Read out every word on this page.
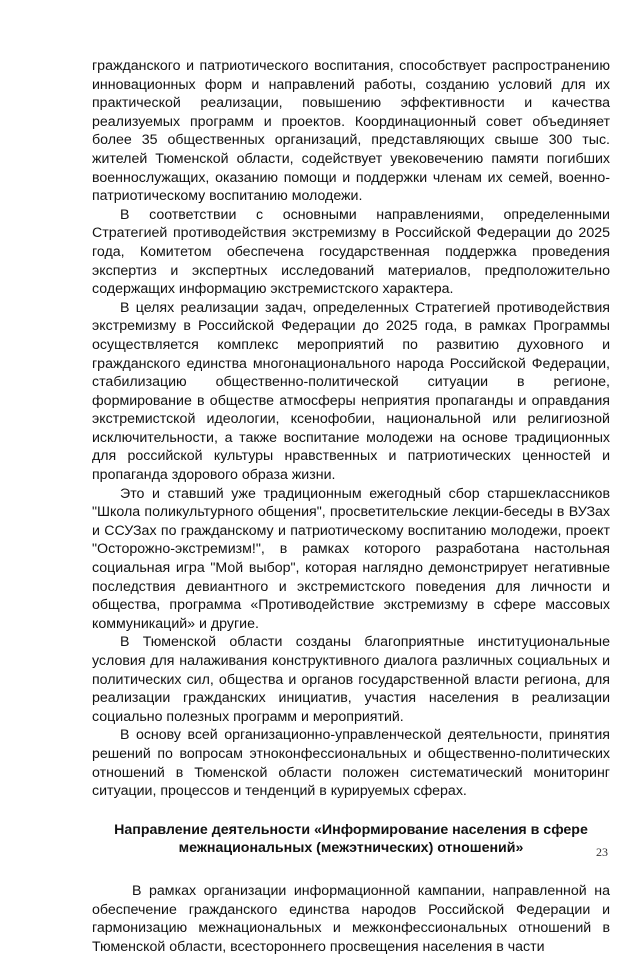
гражданского и патриотического воспитания, способствует распространению инновационных форм и направлений работы, созданию условий для их практической реализации, повышению эффективности и качества реализуемых программ и проектов. Координационный совет объединяет более 35 общественных организаций, представляющих свыше 300 тыс. жителей Тюменской области, содействует увековечению памяти погибших военнослужащих, оказанию помощи и поддержки членам их семей, военно-патриотическому воспитанию молодежи.

В соответствии с основными направлениями, определенными Стратегией противодействия экстремизму в Российской Федерации до 2025 года, Комитетом обеспечена государственная поддержка проведения экспертиз и экспертных исследований материалов, предположительно содержащих информацию экстремистского характера.

В целях реализации задач, определенных Стратегией противодействия экстремизму в Российской Федерации до 2025 года, в рамках Программы осуществляется комплекс мероприятий по развитию духовного и гражданского единства многонационального народа Российской Федерации, стабилизацию общественно-политической ситуации в регионе, формирование в обществе атмосферы неприятия пропаганды и оправдания экстремистской идеологии, ксенофобии, национальной или религиозной исключительности, а также воспитание молодежи на основе традиционных для российской культуры нравственных и патриотических ценностей и пропаганда здорового образа жизни.

Это и ставший уже традиционным ежегодный сбор старшеклассников "Школа поликультурного общения", просветительские лекции-беседы в ВУЗах и ССУЗах по гражданскому и патриотическому воспитанию молодежи, проект "Осторожно-экстремизм!", в рамках которого разработана настольная социальная игра "Мой выбор", которая наглядно демонстрирует негативные последствия девиантного и экстремистского поведения для личности и общества, программа «Противодействие экстремизму в сфере массовых коммуникаций» и другие.

В Тюменской области созданы благоприятные институциональные условия для налаживания конструктивного диалога различных социальных и политических сил, общества и органов государственной власти региона, для реализации гражданских инициатив, участия населения в реализации социально полезных программ и мероприятий.

В основу всей организационно-управленческой деятельности, принятия решений по вопросам этноконфессиональных и общественно-политических отношений в Тюменской области положен систематический мониторинг ситуации, процессов и тенденций в курируемых сферах.

Направление деятельности «Информирование населения в сфере межнациональных (межэтнических) отношений»

В рамках организации информационной кампании, направленной на обеспечение гражданского единства народов Российской Федерации и гармонизацию межнациональных и межконфессиональных отношений в Тюменской области, всестороннего просвещения населения в части

23
